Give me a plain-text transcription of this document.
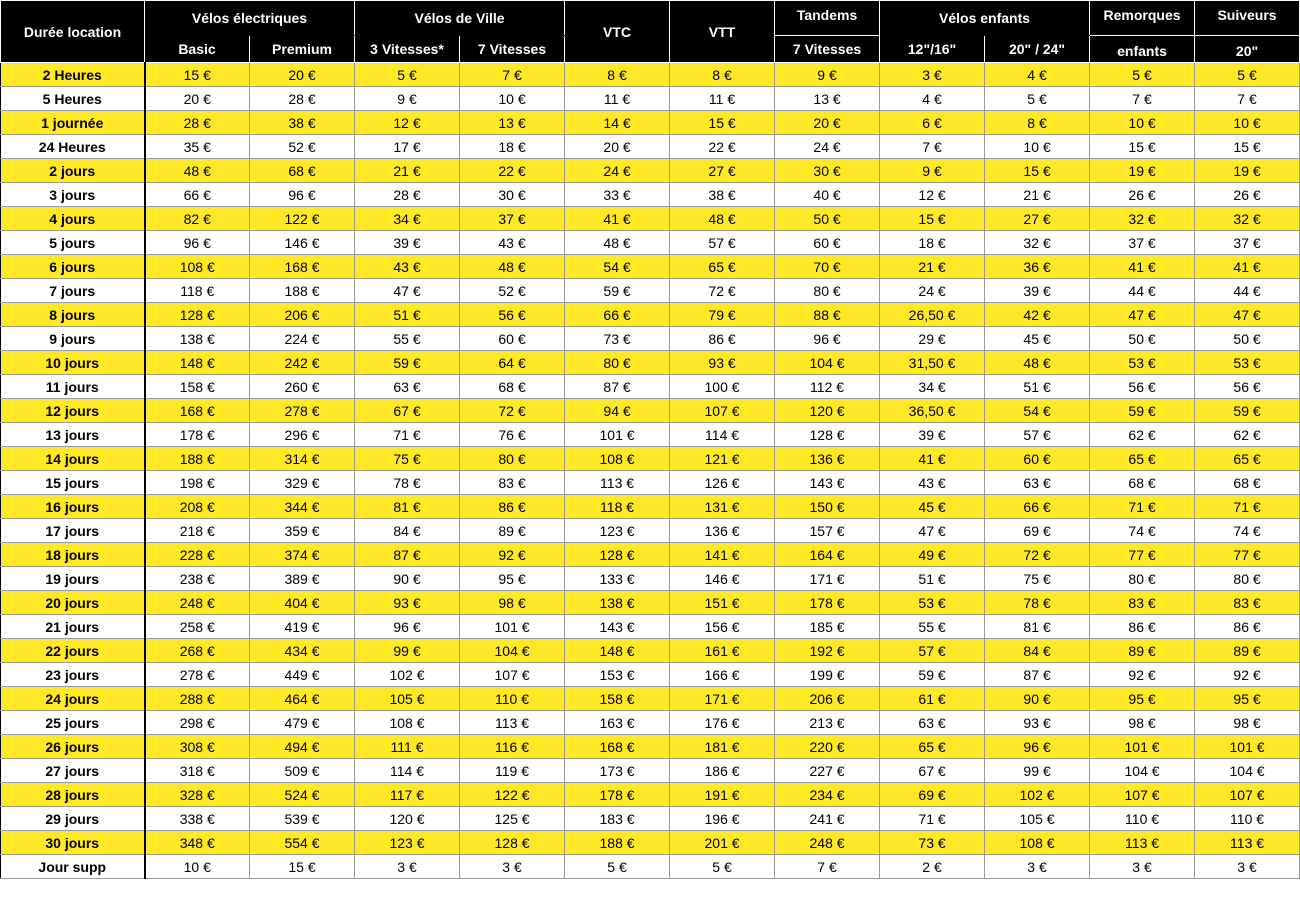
Durée location	Vélos électriques		Vélos de Ville		VTC	VTT	Tandems	Vélos enfants		Remorques	Suiveurs
	Basic	Premium	3 Vitesses*	7 Vitesses			7 Vitesses	12"/16"	20" / 24"	enfants	20"
2 Heures	15 €	20 €	5 €	7 €	8 €	8 €	9 €	3 €	4 €	5 €	5 €
5 Heures	20 €	28 €	9 €	10 €	11 €	11 €	13 €	4 €	5 €	7 €	7 €
1 journée	28 €	38 €	12 €	13 €	14 €	15 €	20 €	6 €	8 €	10 €	10 €
24 Heures	35 €	52 €	17 €	18 €	20 €	22 €	24 €	7 €	10 €	15 €	15 €
2 jours	48 €	68 €	21 €	22 €	24 €	27 €	30 €	9 €	15 €	19 €	19 €
3 jours	66 €	96 €	28 €	30 €	33 €	38 €	40 €	12 €	21 €	26 €	26 €
4 jours	82 €	122 €	34 €	37 €	41 €	48 €	50 €	15 €	27 €	32 €	32 €
5 jours	96 €	146 €	39 €	43 €	48 €	57 €	60 €	18 €	32 €	37 €	37 €
6 jours	108 €	168 €	43 €	48 €	54 €	65 €	70 €	21 €	36 €	41 €	41 €
7 jours	118 €	188 €	47 €	52 €	59 €	72 €	80 €	24 €	39 €	44 €	44 €
8 jours	128 €	206 €	51 €	56 €	66 €	79 €	88 €	26,50 €	42 €	47 €	47 €
9 jours	138 €	224 €	55 €	60 €	73 €	86 €	96 €	29 €	45 €	50 €	50 €
10 jours	148 €	242 €	59 €	64 €	80 €	93 €	104 €	31,50 €	48 €	53 €	53 €
11 jours	158 €	260 €	63 €	68 €	87 €	100 €	112 €	34 €	51 €	56 €	56 €
12 jours	168 €	278 €	67 €	72 €	94 €	107 €	120 €	36,50 €	54 €	59 €	59 €
13 jours	178 €	296 €	71 €	76 €	101 €	114 €	128 €	39 €	57 €	62 €	62 €
14 jours	188 €	314 €	75 €	80 €	108 €	121 €	136 €	41 €	60 €	65 €	65 €
15 jours	198 €	329 €	78 €	83 €	113 €	126 €	143 €	43 €	63 €	68 €	68 €
16 jours	208 €	344 €	81 €	86 €	118 €	131 €	150 €	45 €	66 €	71 €	71 €
17 jours	218 €	359 €	84 €	89 €	123 €	136 €	157 €	47 €	69 €	74 €	74 €
18 jours	228 €	374 €	87 €	92 €	128 €	141 €	164 €	49 €	72 €	77 €	77 €
19 jours	238 €	389 €	90 €	95 €	133 €	146 €	171 €	51 €	75 €	80 €	80 €
20 jours	248 €	404 €	93 €	98 €	138 €	151 €	178 €	53 €	78 €	83 €	83 €
21 jours	258 €	419 €	96 €	101 €	143 €	156 €	185 €	55 €	81 €	86 €	86 €
22 jours	268 €	434 €	99 €	104 €	148 €	161 €	192 €	57 €	84 €	89 €	89 €
23 jours	278 €	449 €	102 €	107 €	153 €	166 €	199 €	59 €	87 €	92 €	92 €
24 jours	288 €	464 €	105 €	110 €	158 €	171 €	206 €	61 €	90 €	95 €	95 €
25 jours	298 €	479 €	108 €	113 €	163 €	176 €	213 €	63 €	93 €	98 €	98 €
26 jours	308 €	494 €	111 €	116 €	168 €	181 €	220 €	65 €	96 €	101 €	101 €
27 jours	318 €	509 €	114 €	119 €	173 €	186 €	227 €	67 €	99 €	104 €	104 €
28 jours	328 €	524 €	117 €	122 €	178 €	191 €	234 €	69 €	102 €	107 €	107 €
29 jours	338 €	539 €	120 €	125 €	183 €	196 €	241 €	71 €	105 €	110 €	110 €
30 jours	348 €	554 €	123 €	128 €	188 €	201 €	248 €	73 €	108 €	113 €	113 €
Jour supp	10 €	15 €	3 €	3 €	5 €	5 €	7 €	2 €	3 €	3 €	3 €
